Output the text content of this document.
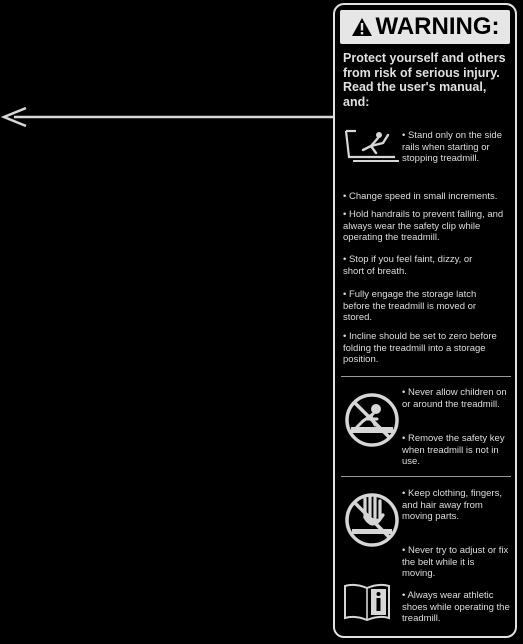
WARNING:
Protect yourself and others from risk of serious injury. Read the user's manual, and:
• Stand only on the side rails when starting or stopping treadmill.
• Change speed in small increments.
• Hold handrails to prevent falling, and always wear the safety clip while operating the treadmill.
• Stop if you feel faint, dizzy, or short of breath.
• Fully engage the storage latch before the treadmill is moved or stored.
• Incline should be set to zero before folding the treadmill into a storage position.
• Never allow children on or around the treadmill.
• Remove the safety key when treadmill is not in use.
• Keep clothing, fingers, and hair away from moving parts.
• Never try to adjust or fix the belt while it is moving.
• Always wear athletic shoes while operating the treadmill.
